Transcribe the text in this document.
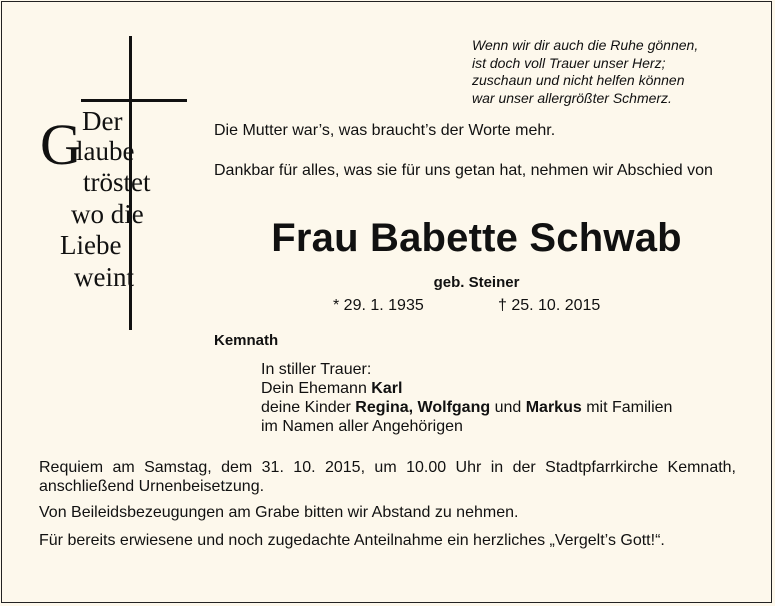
G Der
laube
tröstet
wo die
Liebe
weint
Wenn wir dir auch die Ruhe gönnen,
ist doch voll Trauer unser Herz;
zuschaun und nicht helfen können
war unser allergrößter Schmerz.
Die Mutter war’s, was braucht’s der Worte mehr.
Dankbar für alles, was sie für uns getan hat, nehmen wir Abschied von
Frau Babette Schwab
geb. Steiner
* 29. 1. 1935	† 25. 10. 2015
Kemnath
In stiller Trauer:
Dein Ehemann Karl
deine Kinder Regina, Wolfgang und Markus mit Familien
im Namen aller Angehörigen
Requiem am Samstag, dem 31. 10. 2015, um 10.00 Uhr in der Stadtpfarrkirche Kemnath, anschließend Urnenbeisetzung.
Von Beileidsbezeugungen am Grabe bitten wir Abstand zu nehmen.
Für bereits erwiesene und noch zugedachte Anteilnahme ein herzliches „Vergelt’s Gott!“.
